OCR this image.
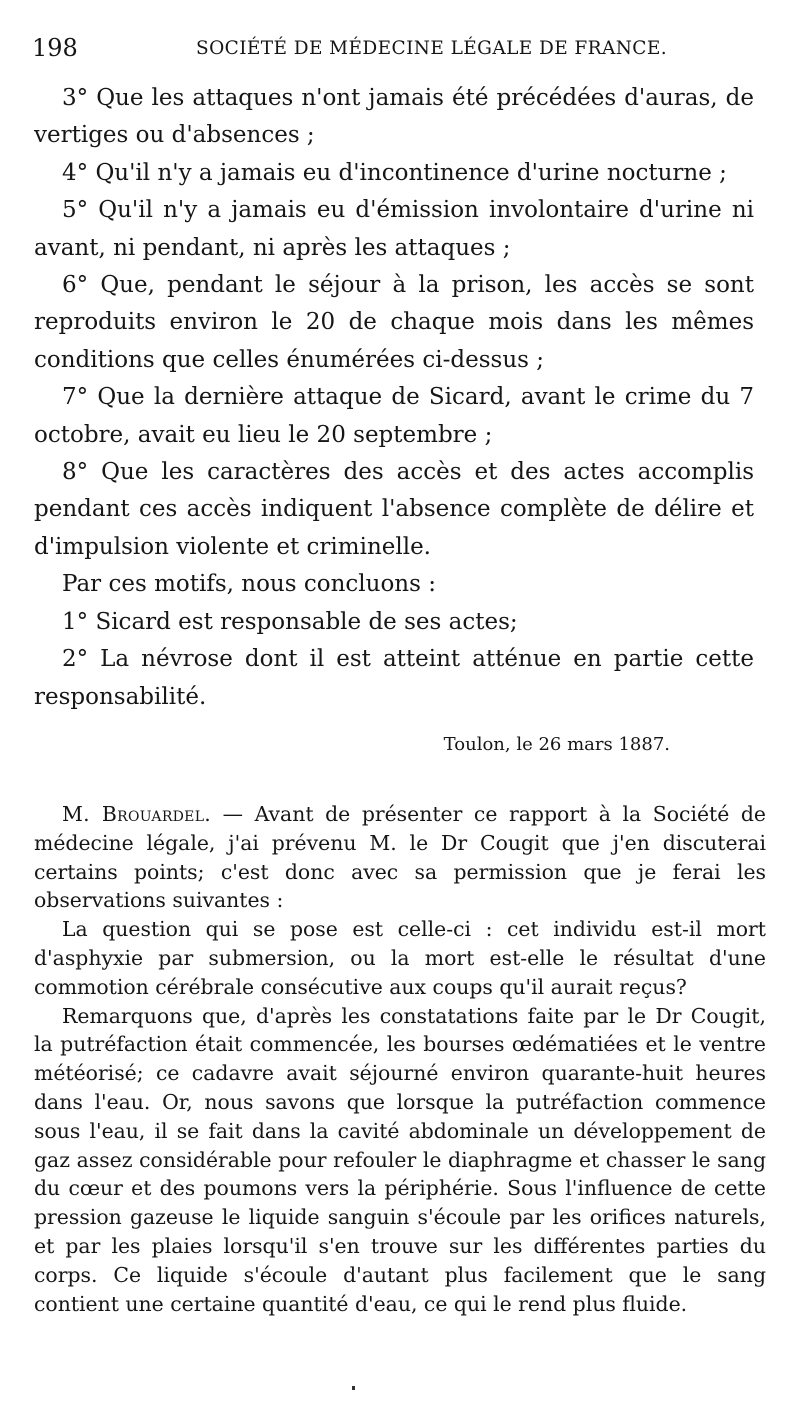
198	SOCIÉTÉ DE MÉDECINE LÉGALE DE FRANCE.

3° Que les attaques n'ont jamais été précédées d'auras, de vertiges ou d'absences ;

4° Qu'il n'y a jamais eu d'incontinence d'urine nocturne ;

5° Qu'il n'y a jamais eu d'émission involontaire d'urine ni avant, ni pendant, ni après les attaques ;

6° Que, pendant le séjour à la prison, les accès se sont reproduits environ le 20 de chaque mois dans les mêmes conditions que celles énumérées ci-dessus ;

7° Que la dernière attaque de Sicard, avant le crime du 7 octobre, avait eu lieu le 20 septembre ;

8° Que les caractères des accès et des actes accomplis pendant ces accès indiquent l'absence complète de délire et d'impulsion violente et criminelle.

Par ces motifs, nous concluons :

1° Sicard est responsable de ses actes;

2° La névrose dont il est atteint atténue en partie cette responsabilité.

Toulon, le 26 mars 1887.

M. Brouardel. — Avant de présenter ce rapport à la Société de médecine légale, j'ai prévenu M. le Dr Cougit que j'en discuterai certains points; c'est donc avec sa permission que je ferai les observations suivantes :

La question qui se pose est celle-ci : cet individu est-il mort d'asphyxie par submersion, ou la mort est-elle le résultat d'une commotion cérébrale consécutive aux coups qu'il aurait reçus?

Remarquons que, d'après les constatations faite par le Dr Cougit, la putréfaction était commencée, les bourses œdématiées et le ventre météorisé; ce cadavre avait séjourné environ quarante-huit heures dans l'eau. Or, nous savons que lorsque la putréfaction commence sous l'eau, il se fait dans la cavité abdominale un développement de gaz assez considérable pour refouler le diaphragme et chasser le sang du cœur et des poumons vers la périphérie. Sous l'influence de cette pression gazeuse le liquide sanguin s'écoule par les orifices naturels, et par les plaies lorsqu'il s'en trouve sur les différentes parties du corps. Ce liquide s'écoule d'autant plus facilement que le sang contient une certaine quantité d'eau, ce qui le rend plus fluide.
